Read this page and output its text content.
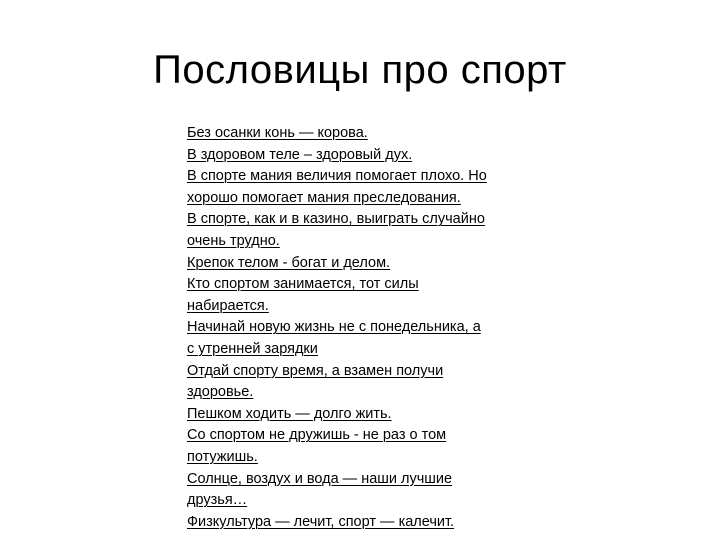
Пословицы про спорт
Без осанки конь — корова.
В здоровом теле – здоровый дух.
В спорте мания величия помогает плохо. Но
хорошо помогает мания преследования.
В спорте, как и в казино, выиграть случайно
очень трудно.
Крепок телом - богат и делом.
Кто спортом занимается, тот силы
набирается.
Начинай новую жизнь не с понедельника, а
с утренней зарядки
Отдай спорту время, а взамен получи
здоровье.
Пешком ходить — долго жить.
Со спортом не дружишь - не раз о том
потужишь.
Солнце, воздух и вода — наши лучшие
друзья…
Физкультура — лечит, спорт — калечит.
